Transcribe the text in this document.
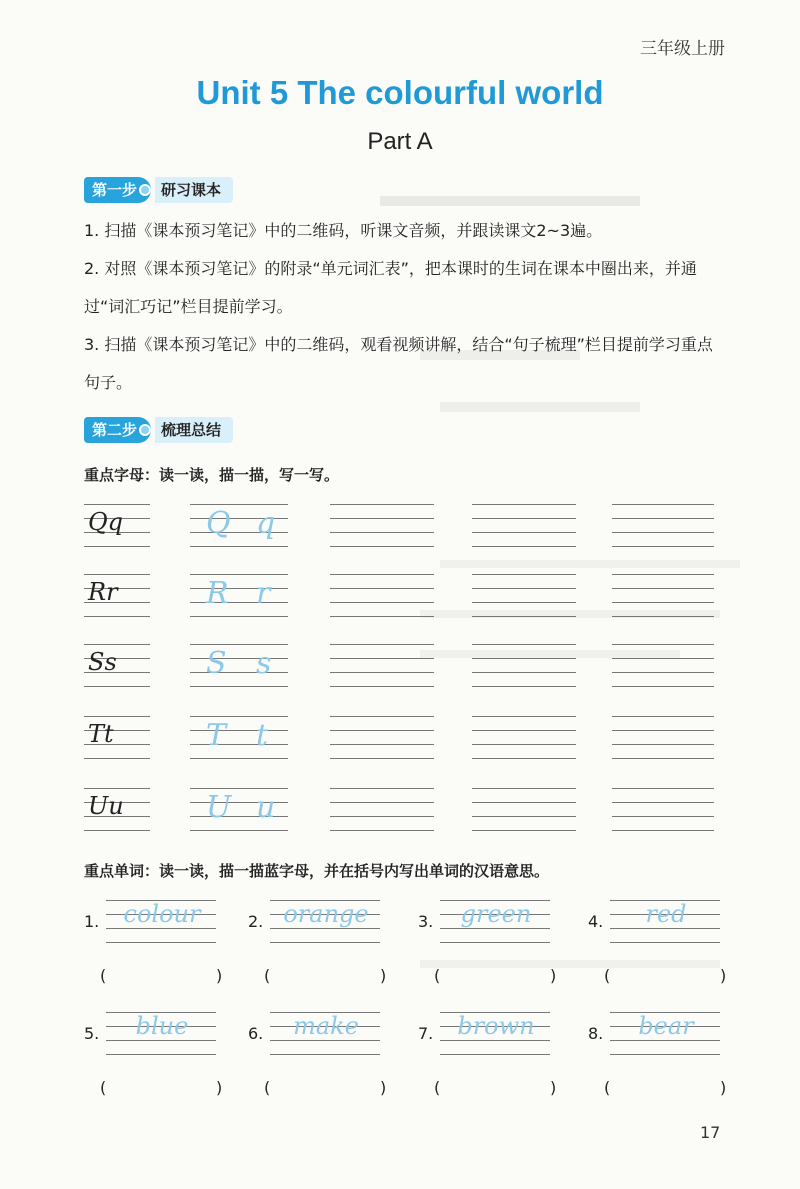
三年级上册
Unit 5 The colourful world
Part A
第一步	研习课本
1. 扫描《课本预习笔记》中的二维码，听课文音频，并跟读课文2~3遍。
2. 对照《课本预习笔记》的附录“单元词汇表”，把本课时的生词在课本中圈出来，并通过“词汇巧记”栏目提前学习。
3. 扫描《课本预习笔记》中的二维码，观看视频讲解，结合“句子梳理”栏目提前学习重点句子。
第二步	梳理总结
重点字母：读一读，描一描，写一写。
Qq	Q q
Rr	R r
Ss	S s
Tt	T t
Uu	U u
重点单词：读一读，描一描蓝字母，并在括号内写出单词的汉语意思。
1.	colour
(	)
2. orange
(	)
3.	green
(	)
4.	red
(	)
5.	blue
(	)
6.	make
(	)
7.	brown
(	)
8.	bear
(	)
17
